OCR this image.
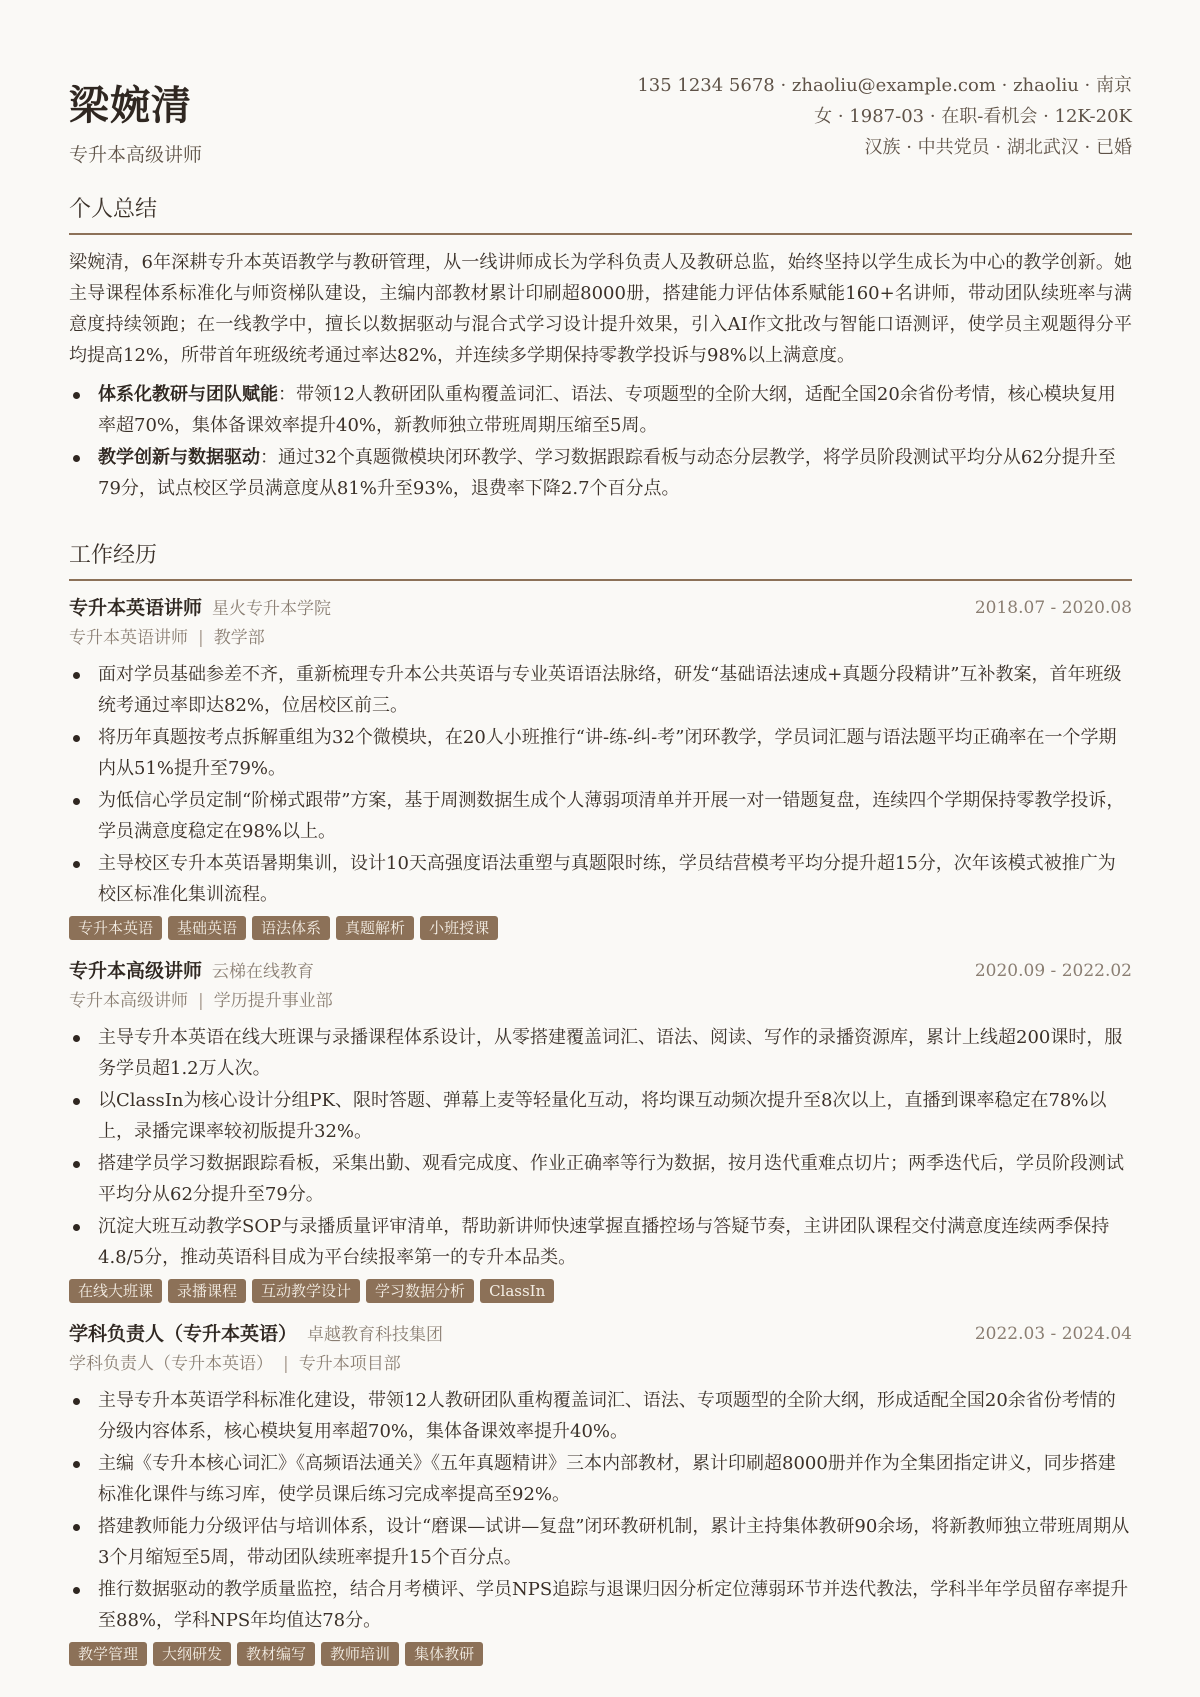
梁婉清
专升本高级讲师
135 1234 5678 · zhaoliu@example.com · zhaoliu · 南京
女 · 1987-03 · 在职-看机会 · 12K-20K
汉族 · 中共党员 · 湖北武汉 · 已婚
个人总结

梁婉清，6年深耕专升本英语教学与教研管理，从一线讲师成长为学科负责人及教研总监，始终坚持以学生成长为中心的教学创新。她主导课程体系标准化与师资梯队建设，主编内部教材累计印刷超8000册，搭建能力评估体系赋能160+名讲师，带动团队续班率与满意度持续领跑；在一线教学中，擅长以数据驱动与混合式学习设计提升效果，引入AI作文批改与智能口语测评，使学员主观题得分平均提高12%，所带首年班级统考通过率达82%，并连续多学期保持零教学投诉与98%以上满意度。

体系化教研与团队赋能：带领12人教研团队重构覆盖词汇、语法、专项题型的全阶大纲，适配全国20余省份考情，核心模块复用率超70%，集体备课效率提升40%，新教师独立带班周期压缩至5周。
教学创新与数据驱动：通过32个真题微模块闭环教学、学习数据跟踪看板与动态分层教学，将学员阶段测试平均分从62分提升至79分，试点校区学员满意度从81%升至93%，退费率下降2.7个百分点。
工作经历
专升本英语讲师 星火专升本学院	2018.07 - 2020.08
专升本英语讲师 | 教学部
面对学员基础参差不齐，重新梳理专升本公共英语与专业英语语法脉络，研发“基础语法速成+真题分段精讲”互补教案，首年班级统考通过率即达82%，位居校区前三。
将历年真题按考点拆解重组为32个微模块，在20人小班推行“讲-练-纠-考”闭环教学，学员词汇题与语法题平均正确率在一个学期内从51%提升至79%。
为低信心学员定制“阶梯式跟带”方案，基于周测数据生成个人薄弱项清单并开展一对一错题复盘，连续四个学期保持零教学投诉，学员满意度稳定在98%以上。
主导校区专升本英语暑期集训，设计10天高强度语法重塑与真题限时练，学员结营模考平均分提升超15分，次年该模式被推广为校区标准化集训流程。
专升本英语 基础英语 语法体系 真题解析 小班授课
专升本高级讲师 云梯在线教育	2020.09 - 2022.02
专升本高级讲师 | 学历提升事业部
主导专升本英语在线大班课与录播课程体系设计，从零搭建覆盖词汇、语法、阅读、写作的录播资源库，累计上线超200课时，服务学员超1.2万人次。
以ClassIn为核心设计分组PK、限时答题、弹幕上麦等轻量化互动，将均课互动频次提升至8次以上，直播到课率稳定在78%以上，录播完课率较初版提升32%。
搭建学员学习数据跟踪看板，采集出勤、观看完成度、作业正确率等行为数据，按月迭代重难点切片；两季迭代后，学员阶段测试平均分从62分提升至79分。
沉淀大班互动教学SOP与录播质量评审清单，帮助新讲师快速掌握直播控场与答疑节奏，主讲团队课程交付满意度连续两季保持4.8/5分，推动英语科目成为平台续报率第一的专升本品类。
在线大班课 录播课程 互动教学设计 学习数据分析 ClassIn
学科负责人（专升本英语） 卓越教育科技集团	2022.03 - 2024.04
学科负责人（专升本英语） | 专升本项目部
主导专升本英语学科标准化建设，带领12人教研团队重构覆盖词汇、语法、专项题型的全阶大纲，形成适配全国20余省份考情的分级内容体系，核心模块复用率超70%，集体备课效率提升40%。
主编《专升本核心词汇》《高频语法通关》《五年真题精讲》三本内部教材，累计印刷超8000册并作为全集团指定讲义，同步搭建标准化课件与练习库，使学员课后练习完成率提高至92%。
搭建教师能力分级评估与培训体系，设计“磨课—试讲—复盘”闭环教研机制，累计主持集体教研90余场，将新教师独立带班周期从3个月缩短至5周，带动团队续班率提升15个百分点。
推行数据驱动的教学质量监控，结合月考横评、学员NPS追踪与退课归因分析定位薄弱环节并迭代教法，学科半年学员留存率提升至88%，学科NPS年均值达78分。
教学管理 大纲研发 教材编写 教师培训 集体教研
